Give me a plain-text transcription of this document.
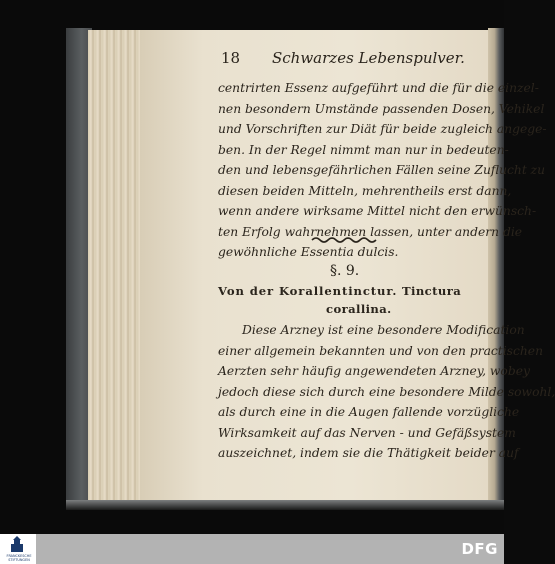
18 Schwarzes Lebenspulver.
centrirten Essenz aufgeführt und die für die einzel-
nen besondern Umstände passenden Dosen, Vehikel
und Vorschriften zur Diät für beide zugleich angege-
ben. In der Regel nimmt man nur in bedeuten-
den und lebensgefährlichen Fällen seine Zuflucht zu
diesen beiden Mitteln, mehrentheils erst dann,
wenn andere wirksame Mittel nicht den erwünsch-
ten Erfolg wahrnehmen lassen, unter andern die
gewöhnliche Essentia dulcis.
§. 9.
Von der Korallentinctur. Tinctura
corallina.
Diese Arzney ist eine besondere Modification
einer allgemein bekannten und von den practischen
Aerzten sehr häufig angewendeten Arzney, wobey
jedoch diese sich durch eine besondere Milde sowohl,
als durch eine in die Augen fallende vorzügliche
Wirksamkeit auf das Nerven - und Gefäßsystem
auszeichnet, indem sie die Thätigkeit beider auf
FRANCKESCHE
STIFTUNGEN
DFG
